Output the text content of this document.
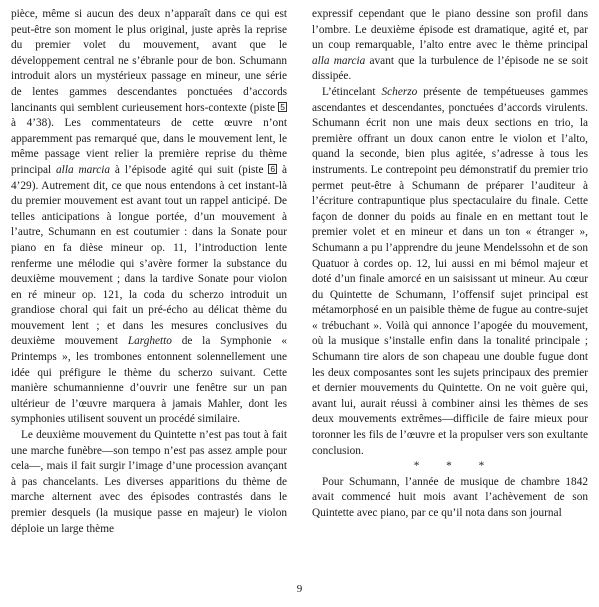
pièce, même si aucun des deux n’apparaît dans ce qui est peut-être son moment le plus original, juste après la reprise du premier volet du mouvement, avant que le développement central ne s’ébranle pour de bon. Schumann introduit alors un mystérieux passage en mineur, une série de lentes gammes descendantes ponctuées d’accords lancinants qui semblent curieusement hors-contexte (piste 5 à 4’38). Les commentateurs de cette œuvre n’ont apparemment pas remarqué que, dans le mouvement lent, le même passage vient relier la première reprise du thème principal alla marcia à l’épisode agité qui suit (piste 6 à 4’29). Autrement dit, ce que nous entendons à cet instant-là du premier mouvement est avant tout un rappel anticipé. De telles anticipations à longue portée, d’un mouvement à l’autre, Schumann en est coutumier : dans la Sonate pour piano en fa dièse mineur op. 11, l’introduction lente renferme une mélodie qui s’avère former la substance du deuxième mouvement ; dans la tardive Sonate pour violon en ré mineur op. 121, la coda du scherzo introduit un grandiose choral qui fait un pré-écho au délicat thème du mouvement lent ; et dans les mesures conclusives du deuxième mouvement Larghetto de la Symphonie « Printemps », les trombones entonnent solennellement une idée qui préfigure le thème du scherzo suivant. Cette manière schumannienne d’ouvrir une fenêtre sur un pan ultérieur de l’œuvre marquera à jamais Mahler, dont les symphonies utilisent souvent un procédé similaire.

Le deuxième mouvement du Quintette n’est pas tout à fait une marche funèbre—son tempo n’est pas assez ample pour cela—, mais il fait surgir l’image d’une procession avançant à pas chancelants. Les diverses apparitions du thème de marche alternent avec des épisodes contrastés dans le premier desquels (la musique passe en majeur) le violon déploie un large thème

expressif cependant que le piano dessine son profil dans l’ombre. Le deuxième épisode est dramatique, agité et, par un coup remarquable, l’alto entre avec le thème principal alla marcia avant que la turbulence de l’épisode ne se soit dissipée.

L’étincelant Scherzo présente de tempétueuses gammes ascendantes et descendantes, ponctuées d’accords virulents. Schumann écrit non une mais deux sections en trio, la première offrant un doux canon entre le violon et l’alto, quand la seconde, bien plus agitée, s’adresse à tous les instruments. Le contrepoint peu démonstratif du premier trio permet peut-être à Schumann de préparer l’auditeur à l’écriture contrapuntique plus spectaculaire du finale. Cette façon de donner du poids au finale en en mettant tout le premier volet et en mineur et dans un ton « étranger », Schumann a pu l’apprendre du jeune Mendelssohn et de son Quatuor à cordes op. 12, lui aussi en mi bémol majeur et doté d’un finale amorcé en un saisissant ut mineur. Au cœur du Quintette de Schumann, l’offensif sujet principal est métamorphosé en un paisible thème de fugue au contre-sujet « trébuchant ». Voilà qui annonce l’apogée du mouvement, où la musique s’installe enfin dans la tonalité principale ; Schumann tire alors de son chapeau une double fugue dont les deux composantes sont les sujets principaux des premier et dernier mouvements du Quintette. On ne voit guère qui, avant lui, aurait réussi à combiner ainsi les thèmes de ses deux mouvements extrêmes—difficile de faire mieux pour toronner les fils de l’œuvre et la propulser vers son exultante conclusion.

* * *

Pour Schumann, l’année de musique de chambre 1842 avait commencé huit mois avant l’achèvement de son Quintette avec piano, par ce qu’il nota dans son journal

9
